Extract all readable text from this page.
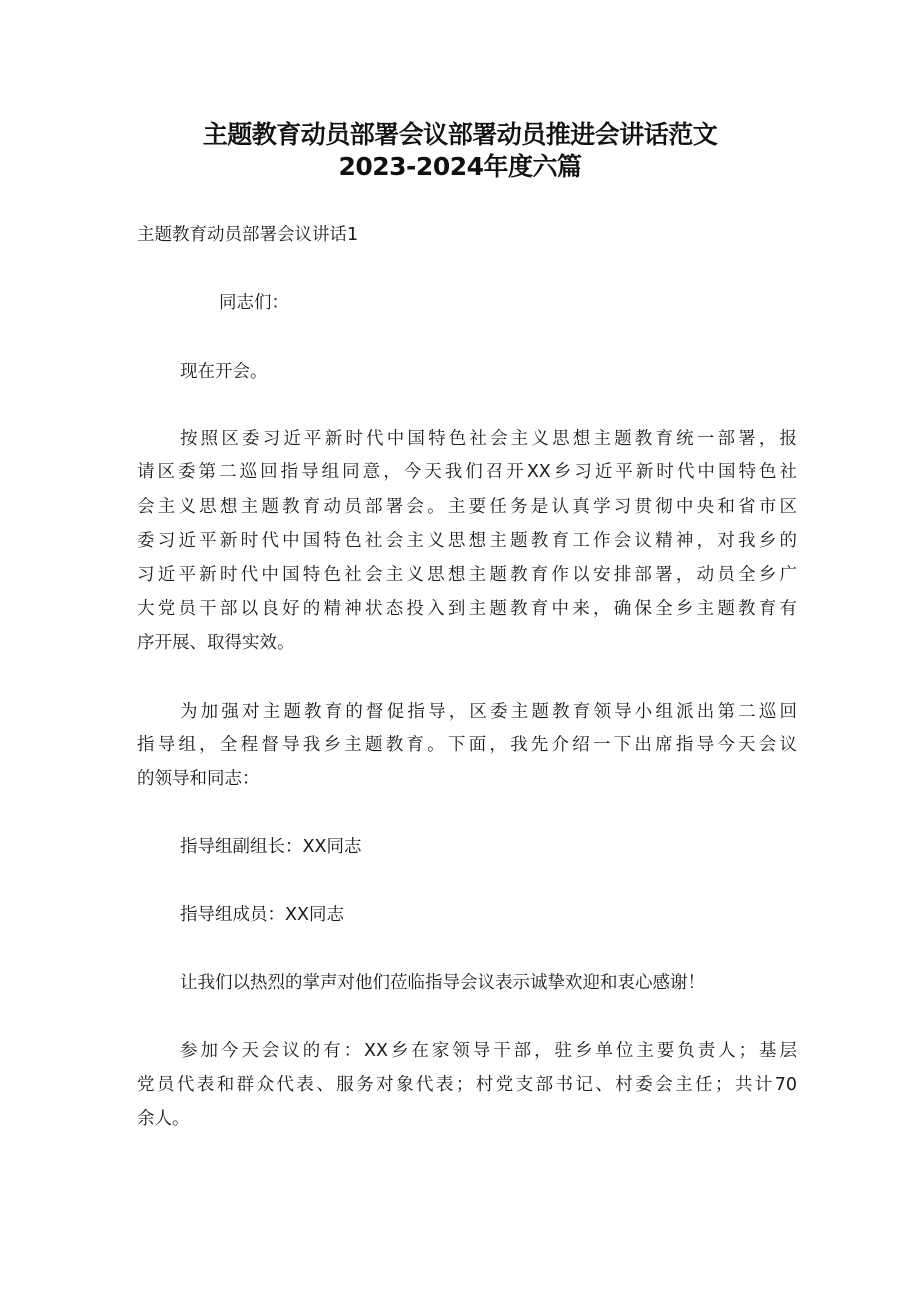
主题教育动员部署会议部署动员推进会讲话范文
2023-2024年度六篇
主题教育动员部署会议讲话1
同志们：
现在开会。
按照区委习近平新时代中国特色社会主义思想主题教育统一部署，报
请区委第二巡回指导组同意，今天我们召开XX乡习近平新时代中国特色社
会主义思想主题教育动员部署会。主要任务是认真学习贯彻中央和省市区
委习近平新时代中国特色社会主义思想主题教育工作会议精神，对我乡的
习近平新时代中国特色社会主义思想主题教育作以安排部署，动员全乡广
大党员干部以良好的精神状态投入到主题教育中来，确保全乡主题教育有
序开展、取得实效。
为加强对主题教育的督促指导，区委主题教育领导小组派出第二巡回
指导组，全程督导我乡主题教育。下面，我先介绍一下出席指导今天会议
的领导和同志：
指导组副组长：XX同志
指导组成员：XX同志
让我们以热烈的掌声对他们莅临指导会议表示诚挚欢迎和衷心感谢！
参加今天会议的有：XX乡在家领导干部，驻乡单位主要负责人；基层
党员代表和群众代表、服务对象代表；村党支部书记、村委会主任；共计70
余人。
